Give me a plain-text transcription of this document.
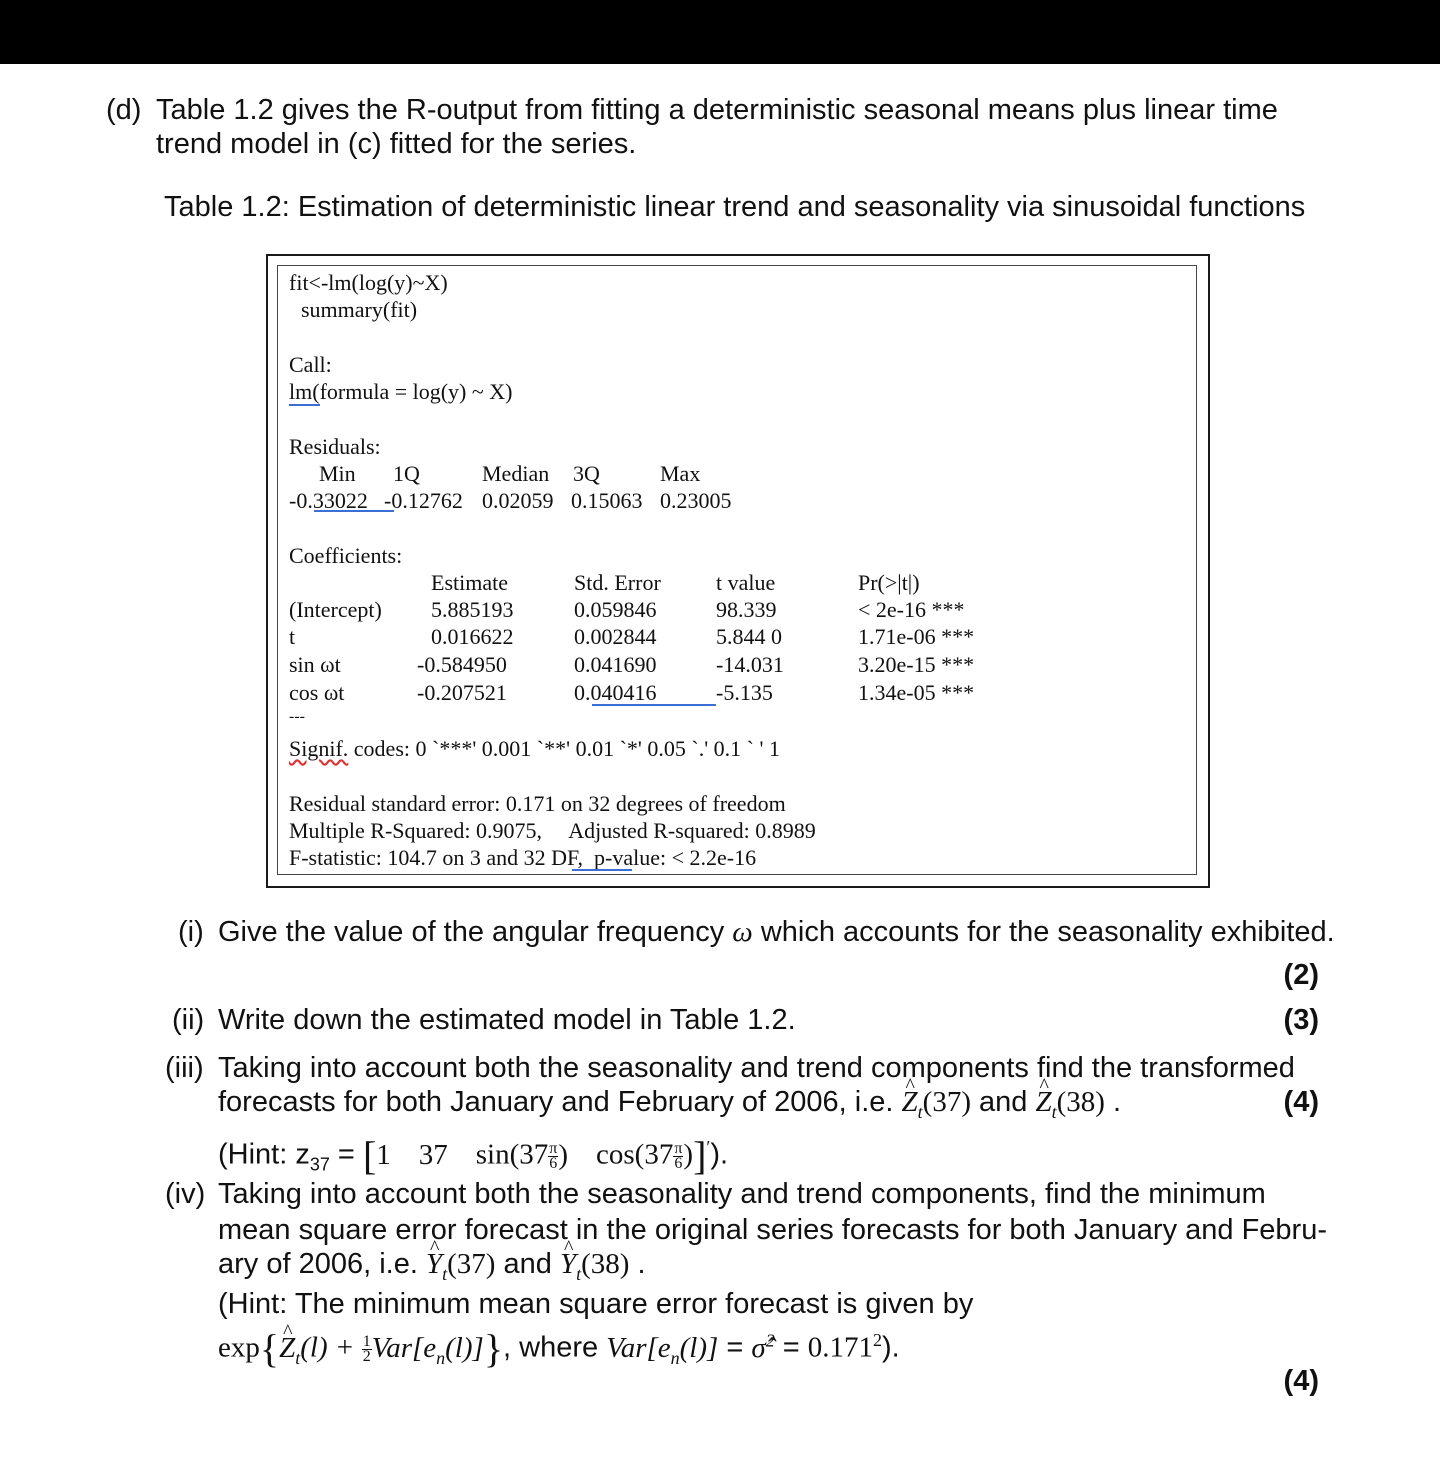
(d) Table 1.2 gives the R-output from fitting a deterministic seasonal means plus linear time
trend model in (c) fitted for the series.
Table 1.2: Estimation of deterministic linear trend and seasonality via sinusoidal functions
fit<-lm(log(y)~X)
summary(fit)
Call:
lm(formula = log(y) ~ X)
Residuals:
Min 1Q	Median 3Q	Max
-0.33022 -0.12762 0.02059 0.15063 0.23005
Coefficients:
Estimate	Std. Error	t value	Pr(>|t|)
(Intercept) 5.885193	0.059846	98.339	< 2e-16 ***
t	0.016622	0.002844	5.844 0	1.71e-06 ***
sin ωt	-0.584950	0.041690	-14.031	3.20e-15 ***
cos ωt	-0.207521	0.040416	-5.135	1.34e-05 ***
---
Signif. codes: 0 `***' 0.001 `**' 0.01 `*' 0.05 `.' 0.1 ` ' 1
Residual standard error: 0.171 on 32 degrees of freedom
Multiple R-Squared: 0.9075,     Adjusted R-squared: 0.8989
F-statistic: 104.7 on 3 and 32 DF,  p-value: < 2.2e-16
(i) Give the value of the angular frequency ω which accounts for the seasonality exhibited.
(2)
(ii) Write down the estimated model in Table 1.2.	(3)
(iii) Taking into account both the seasonality and trend components find the transformed
forecasts for both January and February of 2006, i.e. ^ $Z_t(37)$ and ^ $Z_t(38)$ .	(4)
(Hint: $z_{37} = [1$ 37 $\sin(37 \frac{\pi}{6}$ ) $\cos(37 \frac{\pi}{6} )]'$).
(iv) Taking into account both the seasonality and trend components, find the minimum
mean square error forecast in the original series forecasts for both January and Febru-
ary of 2006, i.e. ^ $Y_t(37)$ and ^ $Y_t(38)$ .
(Hint: The minimum mean square error forecast is given by
exp{^ $Z_t(l) + \frac{1}{2} Var[e_n(l)]$}, where $Var[e_n(l)]$ = σ̂$^2$ = $0.171^2$).
(4)
